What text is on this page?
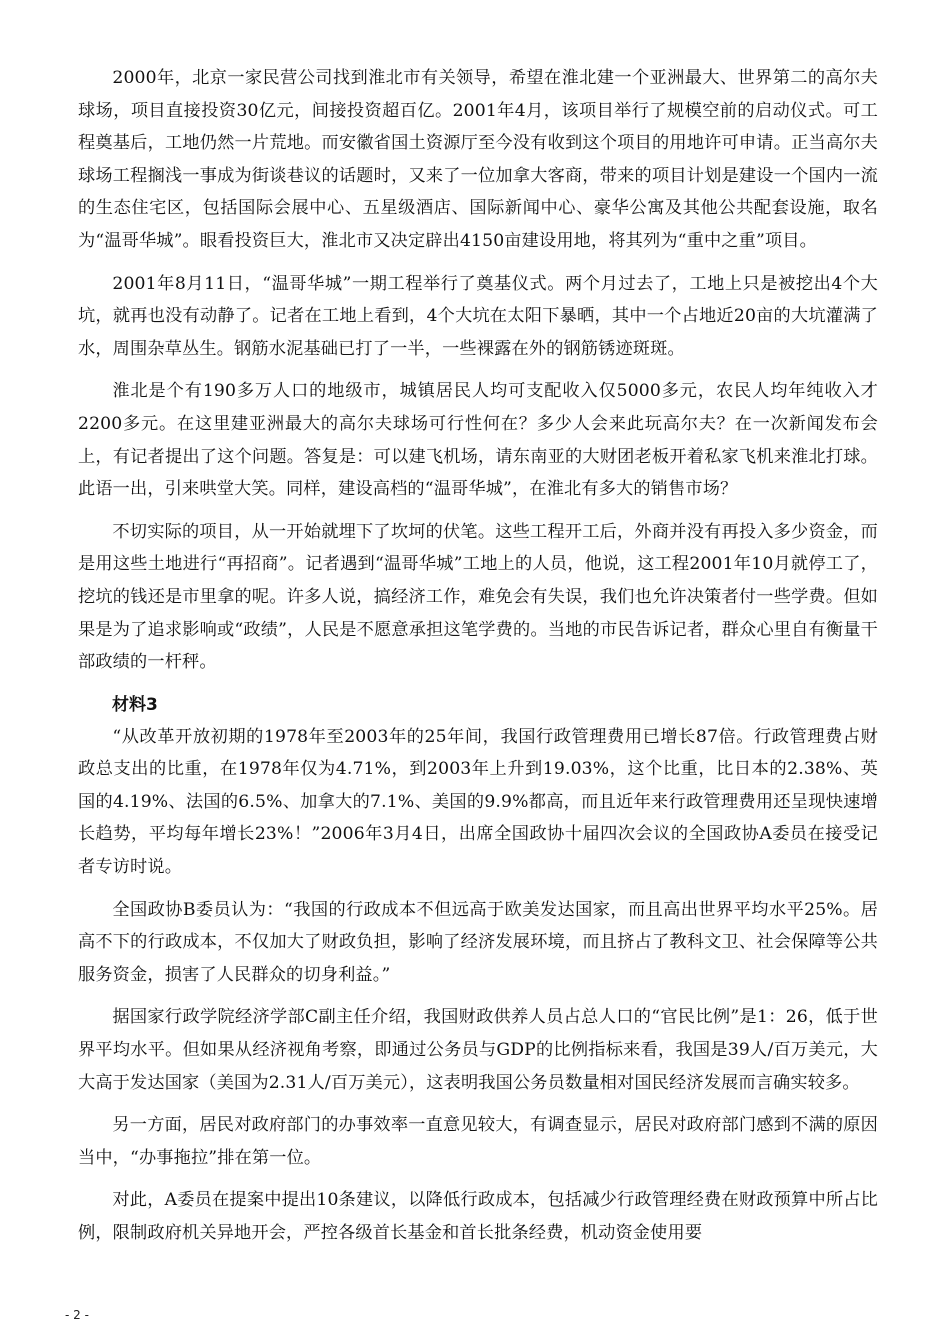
2000年，北京一家民营公司找到淮北市有关领导，希望在淮北建一个亚洲最大、世界第二的高尔夫球场，项目直接投资30亿元，间接投资超百亿。2001年4月，该项目举行了规模空前的启动仪式。可工程奠基后，工地仍然一片荒地。而安徽省国土资源厅至今没有收到这个项目的用地许可申请。正当高尔夫球场工程搁浅一事成为街谈巷议的话题时，又来了一位加拿大客商，带来的项目计划是建设一个国内一流的生态住宅区，包括国际会展中心、五星级酒店、国际新闻中心、豪华公寓及其他公共配套设施，取名为“温哥华城”。眼看投资巨大，淮北市又决定辟出4150亩建设用地，将其列为“重中之重”项目。

2001年8月11日，“温哥华城”一期工程举行了奠基仪式。两个月过去了，工地上只是被挖出4个大坑，就再也没有动静了。记者在工地上看到，4个大坑在太阳下暴晒，其中一个占地近20亩的大坑灌满了水，周围杂草丛生。钢筋水泥基础已打了一半，一些裸露在外的钢筋锈迹斑斑。

淮北是个有190多万人口的地级市，城镇居民人均可支配收入仅5000多元，农民人均年纯收入才2200多元。在这里建亚洲最大的高尔夫球场可行性何在？多少人会来此玩高尔夫？在一次新闻发布会上，有记者提出了这个问题。答复是：可以建飞机场，请东南亚的大财团老板开着私家飞机来淮北打球。此语一出，引来哄堂大笑。同样，建设高档的“温哥华城”，在淮北有多大的销售市场？

不切实际的项目，从一开始就埋下了坎坷的伏笔。这些工程开工后，外商并没有再投入多少资金，而是用这些土地进行“再招商”。记者遇到“温哥华城”工地上的人员，他说，这工程2001年10月就停工了，挖坑的钱还是市里拿的呢。许多人说，搞经济工作，难免会有失误，我们也允许决策者付一些学费。但如果是为了追求影响或“政绩”，人民是不愿意承担这笔学费的。当地的市民告诉记者，群众心里自有衡量干部政绩的一杆秤。

材料3

“从改革开放初期的1978年至2003年的25年间，我国行政管理费用已增长87倍。行政管理费占财政总支出的比重，在1978年仅为4.71%，到2003年上升到19.03%，这个比重，比日本的2.38%、英国的4.19%、法国的6.5%、加拿大的7.1%、美国的9.9%都高，而且近年来行政管理费用还呈现快速增长趋势，平均每年增长23%！”2006年3月4日，出席全国政协十届四次会议的全国政协A委员在接受记者专访时说。

全国政协B委员认为：“我国的行政成本不但远高于欧美发达国家，而且高出世界平均水平25%。居高不下的行政成本，不仅加大了财政负担，影响了经济发展环境，而且挤占了教科文卫、社会保障等公共服务资金，损害了人民群众的切身利益。”

据国家行政学院经济学部C副主任介绍，我国财政供养人员占总人口的“官民比例”是1：26，低于世界平均水平。但如果从经济视角考察，即通过公务员与GDP的比例指标来看，我国是39人/百万美元，大大高于发达国家（美国为2.31人/百万美元），这表明我国公务员数量相对国民经济发展而言确实较多。

另一方面，居民对政府部门的办事效率一直意见较大，有调查显示，居民对政府部门感到不满的原因当中，“办事拖拉”排在第一位。

对此，A委员在提案中提出10条建议，以降低行政成本，包括减少行政管理经费在财政预算中所占比例，限制政府机关异地开会，严控各级首长基金和首长批条经费，机动资金使用要

- 2 -
